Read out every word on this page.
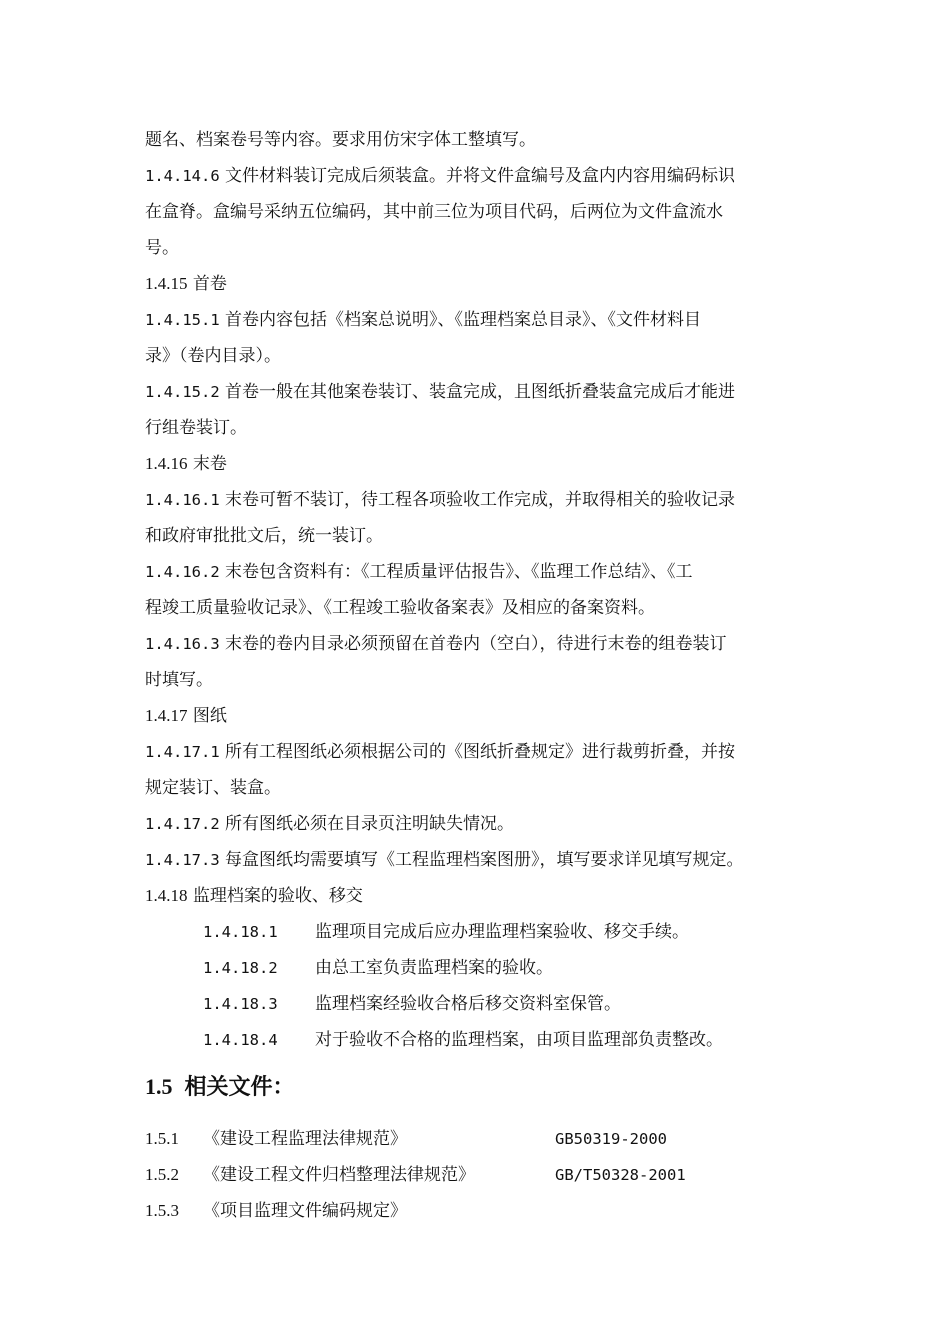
题名、档案卷号等内容。要求用仿宋字体工整填写。

1.4.14.6 文件材料装订完成后须装盒。并将文件盒编号及盒内内容用编码标识

在盒脊。盒编号采纳五位编码，其中前三位为项目代码，后两位为文件盒流水

号。

1.4.15 首卷

1.4.15.1 首卷内容包括《档案总说明》、《监理档案总目录》、《文件材料目

录》（卷内目录）。

1.4.15.2 首卷一般在其他案卷装订、装盒完成，且图纸折叠装盒完成后才能进

行组卷装订。

1.4.16 末卷

1.4.16.1 末卷可暂不装订，待工程各项验收工作完成，并取得相关的验收记录

和政府审批批文后，统一装订。

1.4.16.2 末卷包含资料有：《工程质量评估报告》、《监理工作总结》、《工

程竣工质量验收记录》、《工程竣工验收备案表》及相应的备案资料。

1.4.16.3 末卷的卷内目录必须预留在首卷内（空白），待进行末卷的组卷装订

时填写。

1.4.17 图纸

1.4.17.1 所有工程图纸必须根据公司的《图纸折叠规定》进行裁剪折叠，并按

规定装订、装盒。

1.4.17.2 所有图纸必须在目录页注明缺失情况。

1.4.17.3 每盒图纸均需要填写《工程监理档案图册》，填写要求详见填写规定。

1.4.18 监理档案的验收、移交

1.4.18.1 监理项目完成后应办理监理档案验收、移交手续。

1.4.18.2 由总工室负责监理档案的验收。

1.4.18.3 监理档案经验收合格后移交资料室保管。

1.4.18.4 对于验收不合格的监理档案，由项目监理部负责整改。

1.5 相关文件：

1.5.1 《建设工程监理法律规范》	GB50319-2000

1.5.2 《建设工程文件归档整理法律规范》	GB/T50328-2001

1.5.3 《项目监理文件编码规定》
